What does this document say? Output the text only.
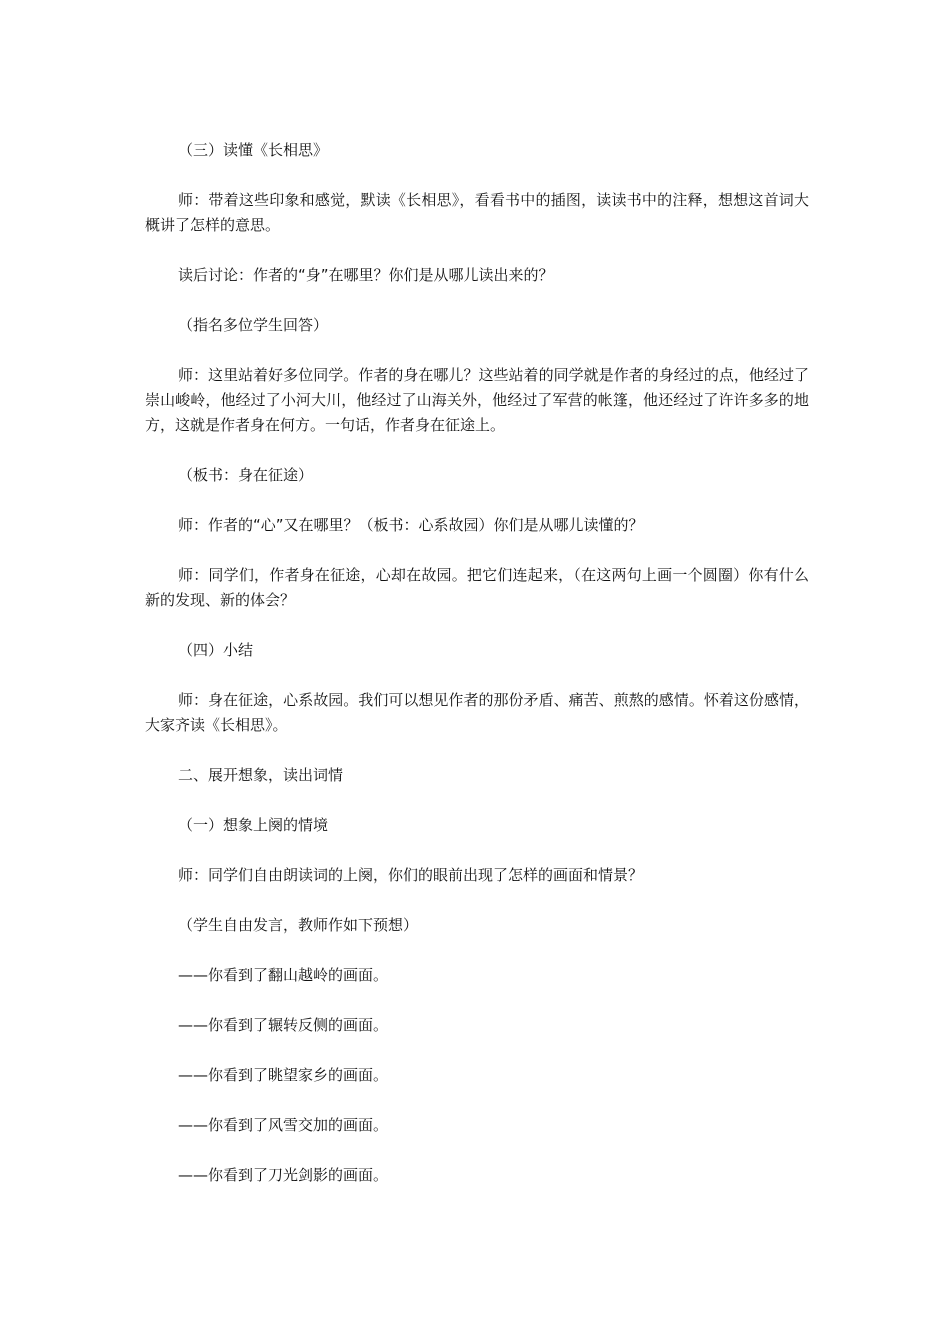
（三）读懂《长相思》

师：带着这些印象和感觉，默读《长相思》，看看书中的插图，读读书中的注释，想想这首词大概讲了怎样的意思。

读后讨论：作者的“身”在哪里？你们是从哪儿读出来的？

（指名多位学生回答）

师：这里站着好多位同学。作者的身在哪儿？这些站着的同学就是作者的身经过的点，他经过了崇山峻岭，他经过了小河大川，他经过了山海关外，他经过了军营的帐篷，他还经过了许许多多的地方，这就是作者身在何方。一句话，作者身在征途上。

（板书：身在征途）

师：作者的“心”又在哪里？（板书：心系故园）你们是从哪儿读懂的？

师：同学们，作者身在征途，心却在故园。把它们连起来，（在这两句上画一个圆圈）你有什么新的发现、新的体会？

（四）小结

师：身在征途，心系故园。我们可以想见作者的那份矛盾、痛苦、煎熬的感情。怀着这份感情，大家齐读《长相思》。

二、展开想象，读出词情

（一）想象上阕的情境

师：同学们自由朗读词的上阕，你们的眼前出现了怎样的画面和情景？

（学生自由发言，教师作如下预想）

——你看到了翻山越岭的画面。

——你看到了辗转反侧的画面。

——你看到了眺望家乡的画面。

——你看到了风雪交加的画面。

——你看到了刀光剑影的画面。
